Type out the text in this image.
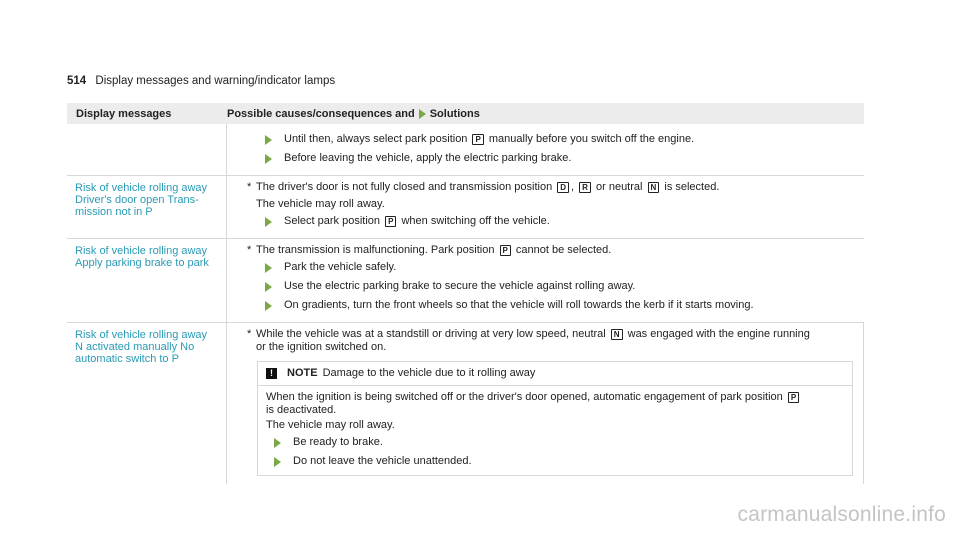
514 Display messages and warning/indicator lamps
Display messages	Possible causes/consequences and Solutions
Until then, always select park position P manually before you switch off the engine.
Before leaving the vehicle, apply the electric parking brake.
Risk of vehicle rolling away
Driver's door open Trans-
mission not in P
* The driver's door is not fully closed and transmission position D , R or neutral N is selected.
The vehicle may roll away.
Select park position P when switching off the vehicle.
Risk of vehicle rolling away
Apply parking brake to park
* The transmission is malfunctioning. Park position P cannot be selected.
Park the vehicle safely.
Use the electric parking brake to secure the vehicle against rolling away.
On gradients, turn the front wheels so that the vehicle will roll towards the kerb if it starts moving.
Risk of vehicle rolling away
N activated manually No
automatic switch to P
* While the vehicle was at a standstill or driving at very low speed, neutral N was engaged with the engine running
or the ignition switched on.
!	NOTE Damage to the vehicle due to it rolling away
When the ignition is being switched off or the driver's door opened, automatic engagement of park position P
is deactivated.
The vehicle may roll away.
Be ready to brake.
Do not leave the vehicle unattended.
carmanualsonline.info
